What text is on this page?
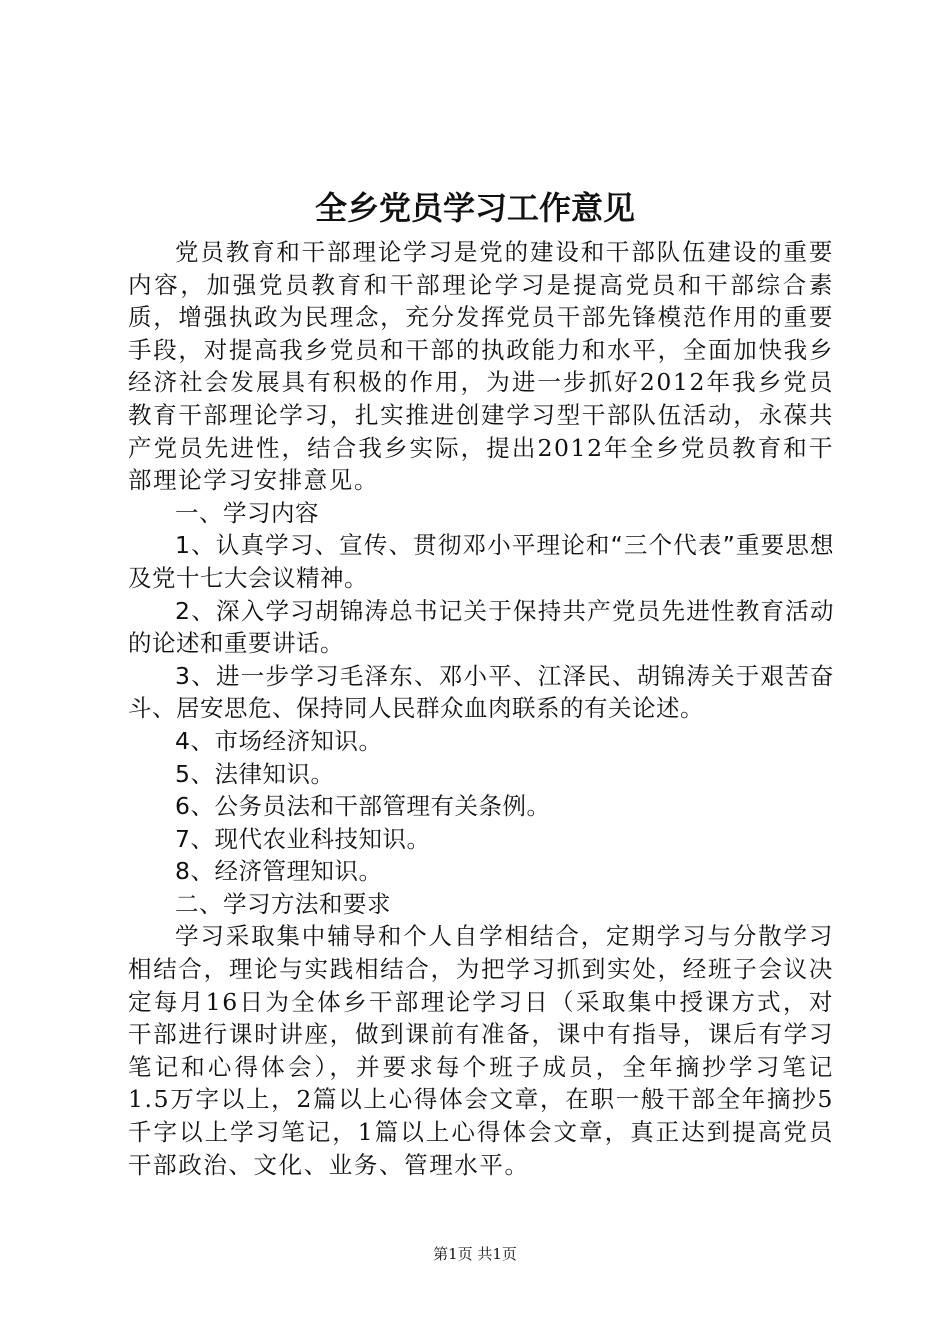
全乡党员学习工作意见

党员教育和干部理论学习是党的建设和干部队伍建设的重要内容，加强党员教育和干部理论学习是提高党员和干部综合素质，增强执政为民理念，充分发挥党员干部先锋模范作用的重要手段，对提高我乡党员和干部的执政能力和水平，全面加快我乡经济社会发展具有积极的作用，为进一步抓好2012年我乡党员教育干部理论学习，扎实推进创建学习型干部队伍活动，永葆共产党员先进性，结合我乡实际，提出2012年全乡党员教育和干部理论学习安排意见。

一、学习内容

1、认真学习、宣传、贯彻邓小平理论和“三个代表”重要思想及党十七大会议精神。

2、深入学习胡锦涛总书记关于保持共产党员先进性教育活动的论述和重要讲话。

3、进一步学习毛泽东、邓小平、江泽民、胡锦涛关于艰苦奋斗、居安思危、保持同人民群众血肉联系的有关论述。

4、市场经济知识。

5、法律知识。

6、公务员法和干部管理有关条例。

7、现代农业科技知识。

8、经济管理知识。

二、学习方法和要求

学习采取集中辅导和个人自学相结合，定期学习与分散学习相结合，理论与实践相结合，为把学习抓到实处，经班子会议决定每月16日为全体乡干部理论学习日（采取集中授课方式，对干部进行课时讲座，做到课前有准备，课中有指导，课后有学习笔记和心得体会），并要求每个班子成员，全年摘抄学习笔记1.5万字以上，2篇以上心得体会文章，在职一般干部全年摘抄5千字以上学习笔记，1篇以上心得体会文章，真正达到提高党员干部政治、文化、业务、管理水平。

第1页 共1页
